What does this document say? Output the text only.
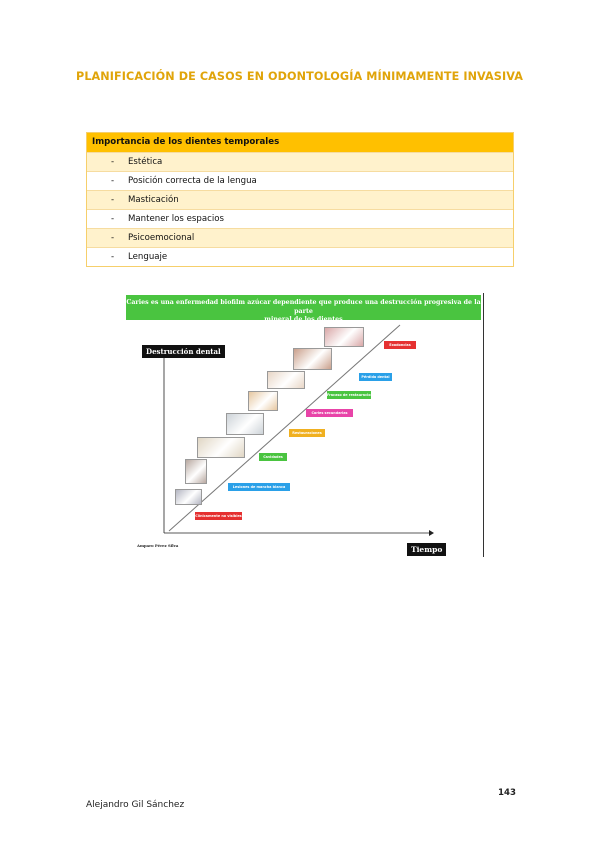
PLANIFICACIÓN DE CASOS EN ODONTOLOGÍA MÍNIMAMENTE INVASIVA
Importancia de los dientes temporales
- Estética
- Posición correcta de la lengua
- Masticación
- Mantener los espacios
- Psicoemocional
- Lenguaje
Caries es una enfermedad biofilm azúcar dependiente que produce una destrucción progresiva de la parte
mineral de los dientes
Destrucción dental
Tiempo
Amparo Pérez Silva
Exodoncias
Pérdida dental
Fracaso de restauraciones
Caries secundarias
Restauraciones
Cavidades
Lesiones de mancha blanca
Clínicamente no visibles
143
Alejandro Gil Sánchez
